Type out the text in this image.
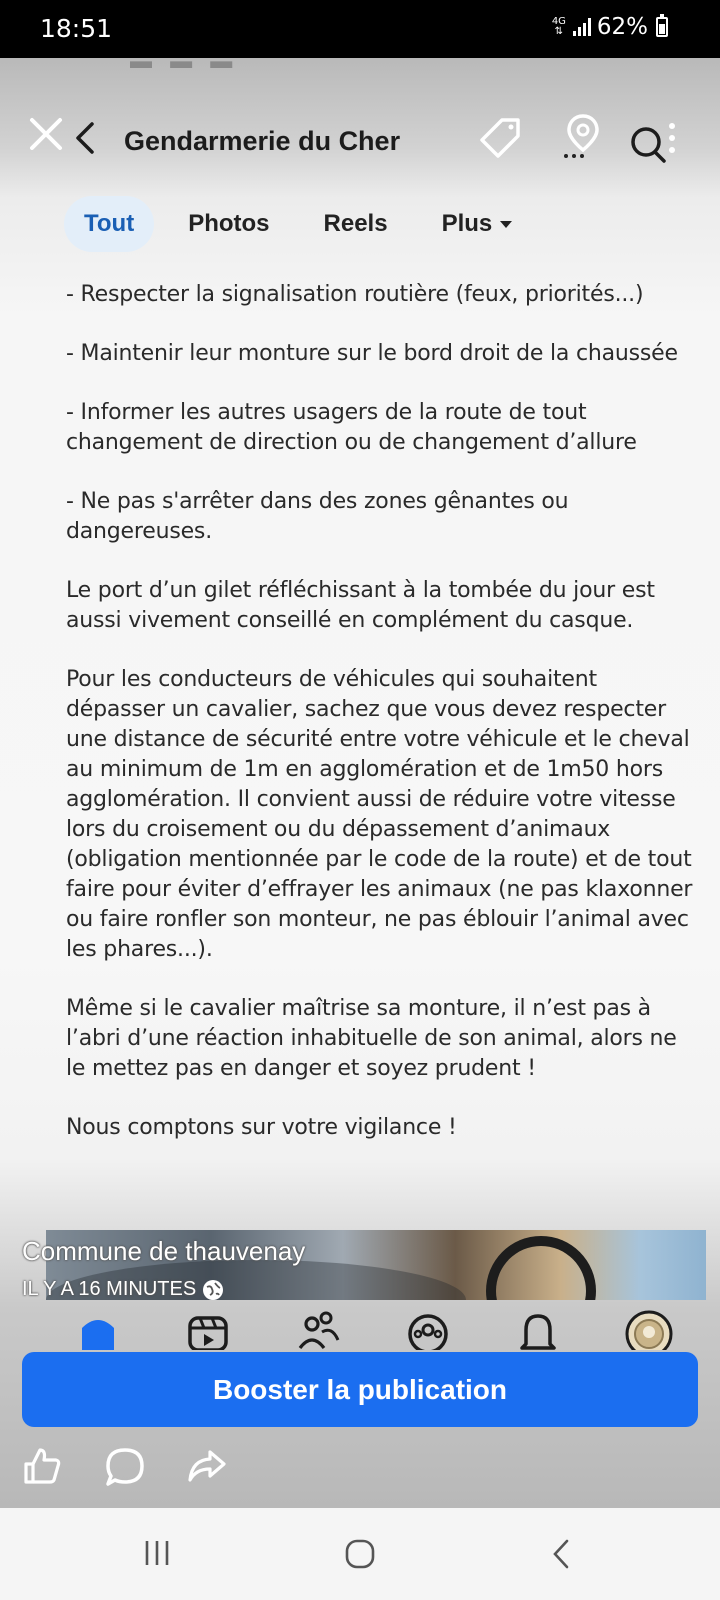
18:51	4G
⇅ 62%
▬ ▬ ▬
Gendarmerie du Cher
Tout	Photos	Reels	Plus

- Respecter la signalisation routière (feux, priorités...)

- Maintenir leur monture sur le bord droit de la chaussée

- Informer les autres usagers de la route de tout changement de direction ou de changement d’allure

- Ne pas s'arrêter dans des zones gênantes ou dangereuses.

Le port d’un gilet réfléchissant à la tombée du jour est aussi vivement conseillé en complément du casque.

Pour les conducteurs de véhicules qui souhaitent dépasser un cavalier, sachez que vous devez respecter une distance de sécurité entre votre véhicule et le cheval au minimum de 1m en agglomération et de 1m50 hors agglomération. Il convient aussi de réduire votre vitesse lors du croisement ou du dépassement d’animaux (obligation mentionnée par le code de la route) et de tout faire pour éviter d’effrayer les animaux (ne pas klaxonner ou faire ronfler son monteur, ne pas éblouir l’animal avec les phares...).

Même si le cavalier maîtrise sa monture, il n’est pas à l’abri d’une réaction inhabituelle de son animal, alors ne le mettez pas en danger et soyez prudent !

Nous comptons sur votre vigilance !

Commune de thauvenay
IL Y A 16 MINUTES
Booster la publication
